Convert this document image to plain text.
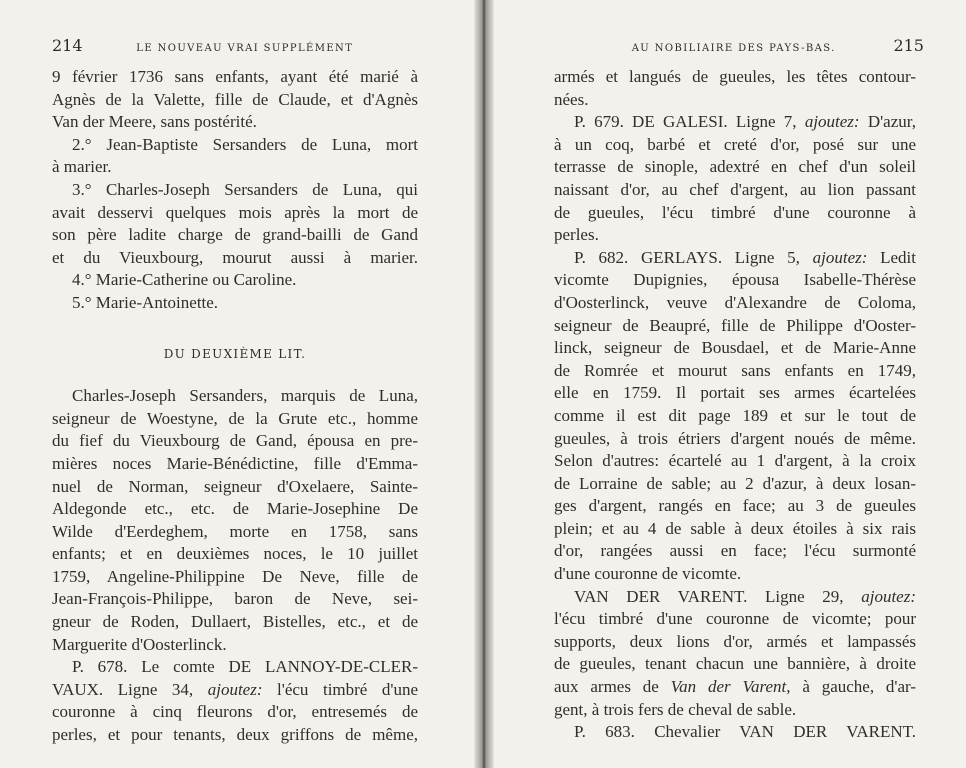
214	LE NOUVEAU VRAI SUPPLÉMENT
9 février 1736 sans enfants, ayant été marié à
Agnès de la Valette, fille de Claude, et d'Agnès
Van der Meere, sans postérité.
2.° Jean-Baptiste Sersanders de Luna, mort
à marier.
3.° Charles-Joseph Sersanders de Luna, qui
avait desservi quelques mois après la mort de
son père ladite charge de grand-bailli de Gand
et du Vieuxbourg, mourut aussi à marier.
4.° Marie-Catherine ou Caroline.
5.° Marie-Antoinette.
DU DEUXIÈME LIT.
Charles-Joseph Sersanders, marquis de Luna,
seigneur de Woestyne, de la Grute etc., homme
du fief du Vieuxbourg de Gand, épousa en pre-
mières noces Marie-Bénédictine, fille d'Emma-
nuel de Norman, seigneur d'Oxelaere, Sainte-
Aldegonde etc., etc. de Marie-Josephine De
Wilde d'Eerdeghem, morte en 1758, sans
enfants; et en deuxièmes noces, le 10 juillet
1759, Angeline-Philippine De Neve, fille de
Jean-François-Philippe, baron de Neve, sei-
gneur de Roden, Dullaert, Bistelles, etc., et de
Marguerite d'Oosterlinck.
P. 678. Le comte DE LANNOY-DE-CLER-
VAUX. Ligne 34, ajoutez: l'écu timbré d'une
couronne à cinq fleurons d'or, entresemés de
perles, et pour tenants, deux griffons de même,
AU NOBILIAIRE DES PAYS-BAS.	215
armés et langués de gueules, les têtes contour-
nées.
P. 679. DE GALESI. Ligne 7, ajoutez: D'azur,
à un coq, barbé et creté d'or, posé sur une
terrasse de sinople, adextré en chef d'un soleil
naissant d'or, au chef d'argent, au lion passant
de gueules, l'écu timbré d'une couronne à
perles.
P. 682. GERLAYS. Ligne 5, ajoutez: Ledit
vicomte Dupignies, épousa Isabelle-Thérèse
d'Oosterlinck, veuve d'Alexandre de Coloma,
seigneur de Beaupré, fille de Philippe d'Ooster-
linck, seigneur de Bousdael, et de Marie-Anne
de Romrée et mourut sans enfants en 1749,
elle en 1759. Il portait ses armes écartelées
comme il est dit page 189 et sur le tout de
gueules, à trois étriers d'argent noués de même.
Selon d'autres: écartelé au 1 d'argent, à la croix
de Lorraine de sable; au 2 d'azur, à deux losan-
ges d'argent, rangés en face; au 3 de gueules
plein; et au 4 de sable à deux étoiles à six rais
d'or, rangées aussi en face; l'écu surmonté
d'une couronne de vicomte.
VAN DER VARENT. Ligne 29, ajoutez:
l'écu timbré d'une couronne de vicomte; pour
supports, deux lions d'or, armés et lampassés
de gueules, tenant chacun une bannière, à droite
aux armes de Van der Varent, à gauche, d'ar-
gent, à trois fers de cheval de sable.
P. 683. Chevalier VAN DER VARENT.
